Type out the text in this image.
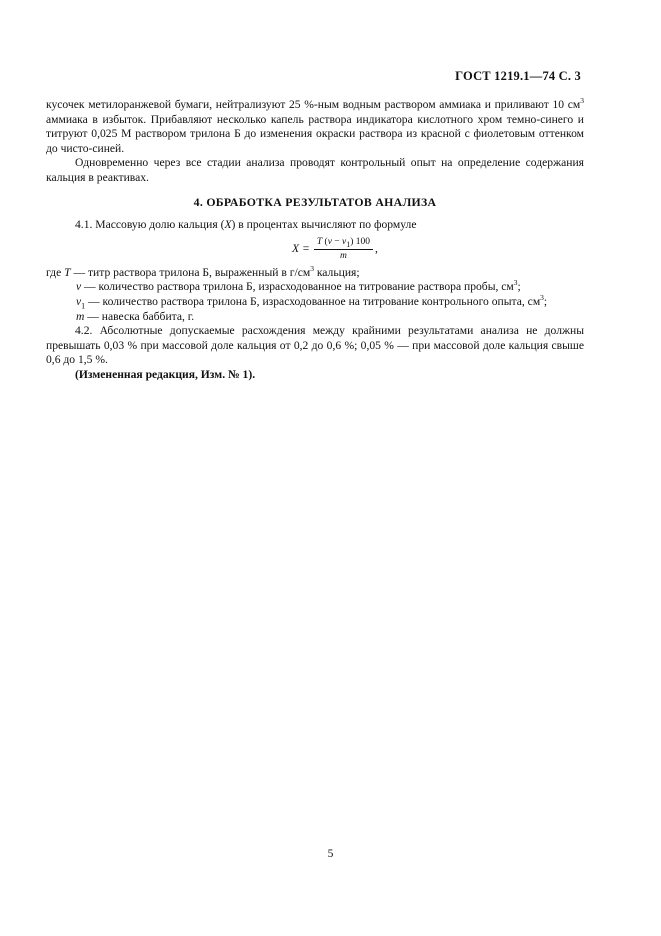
ГОСТ 1219.1—74 С. 3

кусочек метилоранжевой бумаги, нейтрализуют 25 %-ным водным раствором аммиака и приливают 10 $см^3$ аммиака в избыток. Прибавляют несколько капель раствора индикатора кислотного хром темно-синего и титруют 0,025 М раствором трилона Б до изменения окраски раствора из красной с фиолетовым оттенком до чисто-синей.

Одновременно через все стадии анализа проводят контрольный опыт на определение содержания кальция в реактивах.

4. ОБРАБОТКА РЕЗУЛЬТАТОВ АНАЛИЗА

4.1. Массовую долю кальция (X) в процентах вычисляют по формуле

$X = \frac{T (v - v_1) 100}{m}$ ,

где T — титр раствора трилона Б, выраженный в $г/см^3$ кальция;
v — количество раствора трилона Б, израсходованное на титрование раствора пробы, $см^3$;
$v_1$ — количество раствора трилона Б, израсходованное на титрование контрольного опыта, $см^3$;
m — навеска баббита, г.

4.2. Абсолютные допускаемые расхождения между крайними результатами анализа не должны превышать 0,03 % при массовой доле кальция от 0,2 до 0,6 %; 0,05 % — при массовой доле кальция свыше 0,6 до 1,5 %.

(Измененная редакция, Изм. № 1).

5
